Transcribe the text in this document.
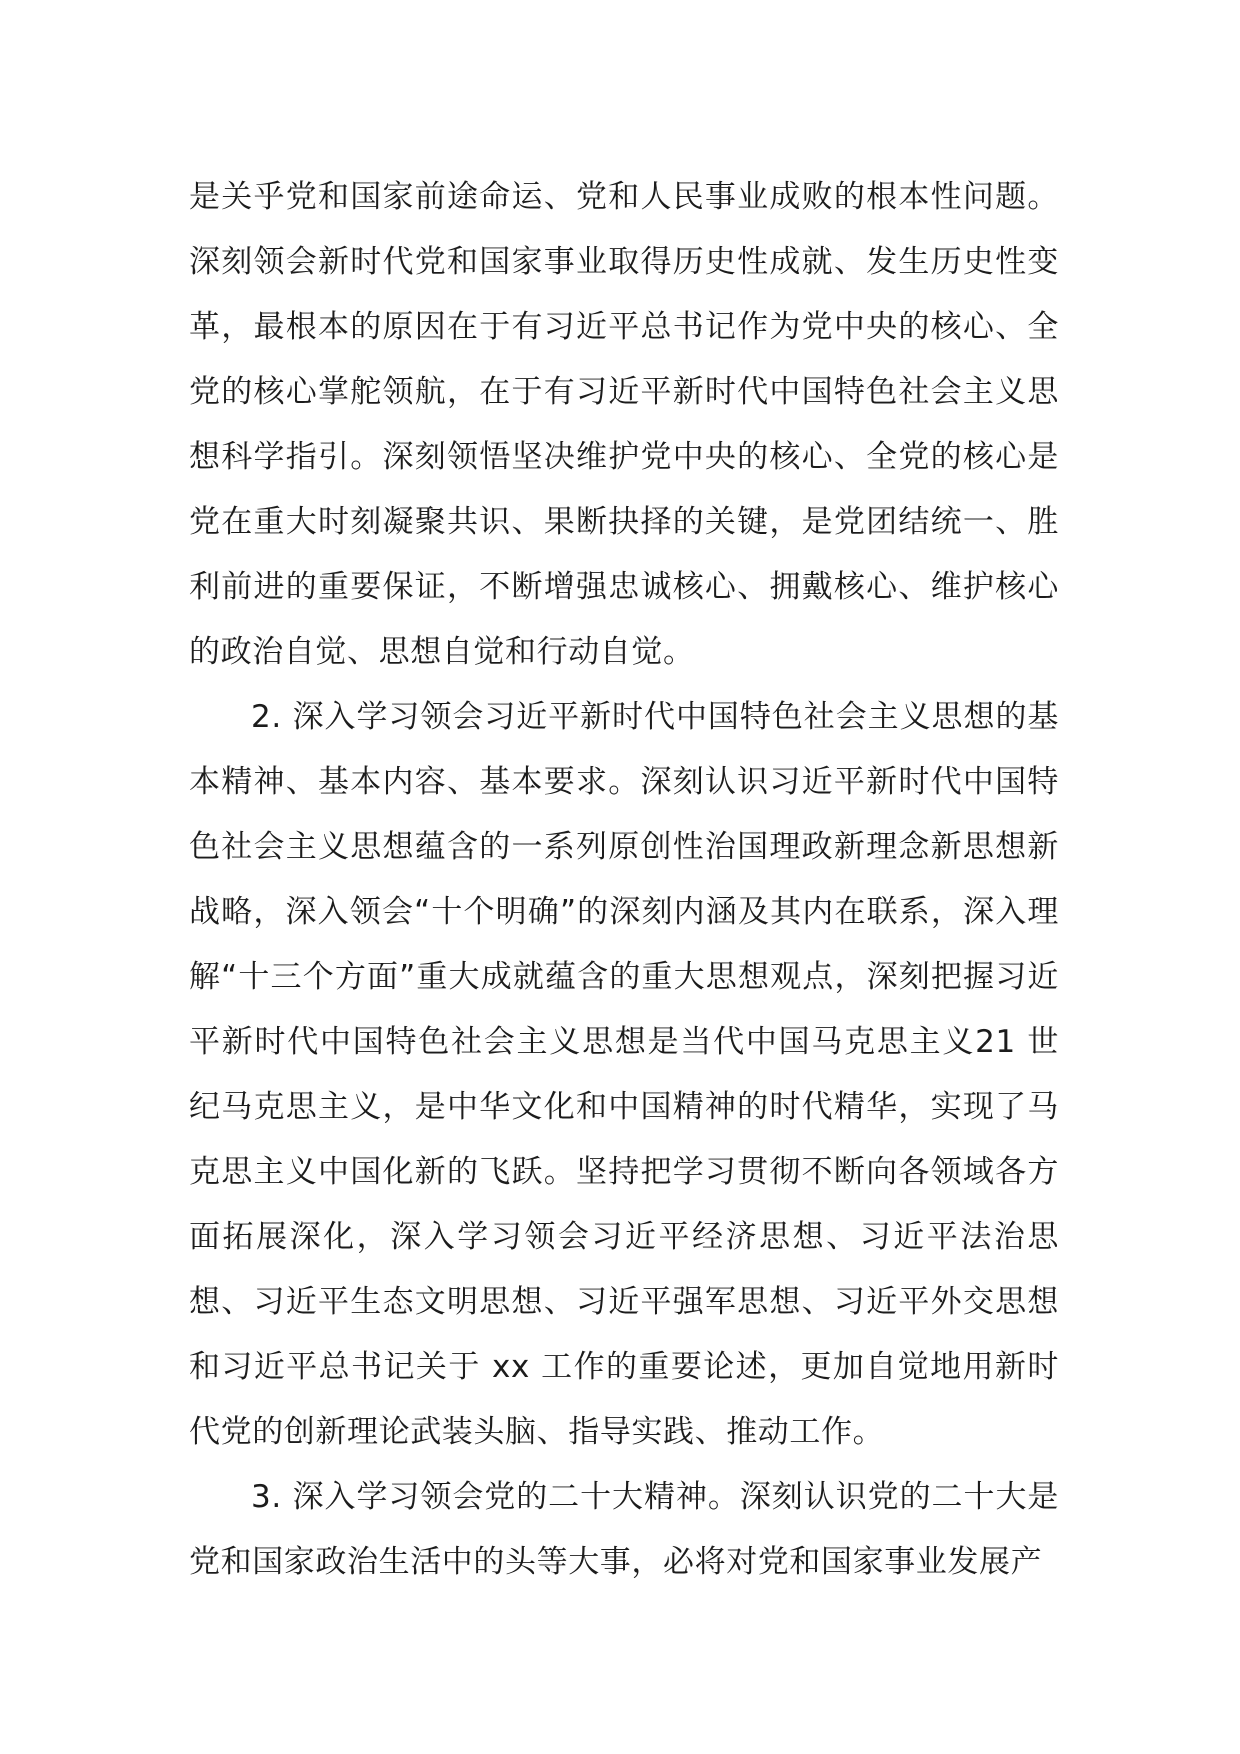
是关乎党和国家前途命运、党和人民事业成败的根本性问题。深刻领会新时代党和国家事业取得历史性成就、发生历史性变革，最根本的原因在于有习近平总书记作为党中央的核心、全党的核心掌舵领航，在于有习近平新时代中国特色社会主义思想科学指引。深刻领悟坚决维护党中央的核心、全党的核心是党在重大时刻凝聚共识、果断抉择的关键，是党团结统一、胜利前进的重要保证，不断增强忠诚核心、拥戴核心、维护核心的政治自觉、思想自觉和行动自觉。

2. 深入学习领会习近平新时代中国特色社会主义思想的基本精神、基本内容、基本要求。深刻认识习近平新时代中国特色社会主义思想蕴含的一系列原创性治国理政新理念新思想新战略，深入领会“十个明确”的深刻内涵及其内在联系，深入理解“十三个方面”重大成就蕴含的重大思想观点，深刻把握习近平新时代中国特色社会主义思想是当代中国马克思主义21 世纪马克思主义，是中华文化和中国精神的时代精华，实现了马克思主义中国化新的飞跃。坚持把学习贯彻不断向各领域各方面拓展深化，深入学习领会习近平经济思想、习近平法治思想、习近平生态文明思想、习近平强军思想、习近平外交思想和习近平总书记关于 xx 工作的重要论述，更加自觉地用新时代党的创新理论武装头脑、指导实践、推动工作。

3. 深入学习领会党的二十大精神。深刻认识党的二十大是党和国家政治生活中的头等大事，必将对党和国家事业发展产
